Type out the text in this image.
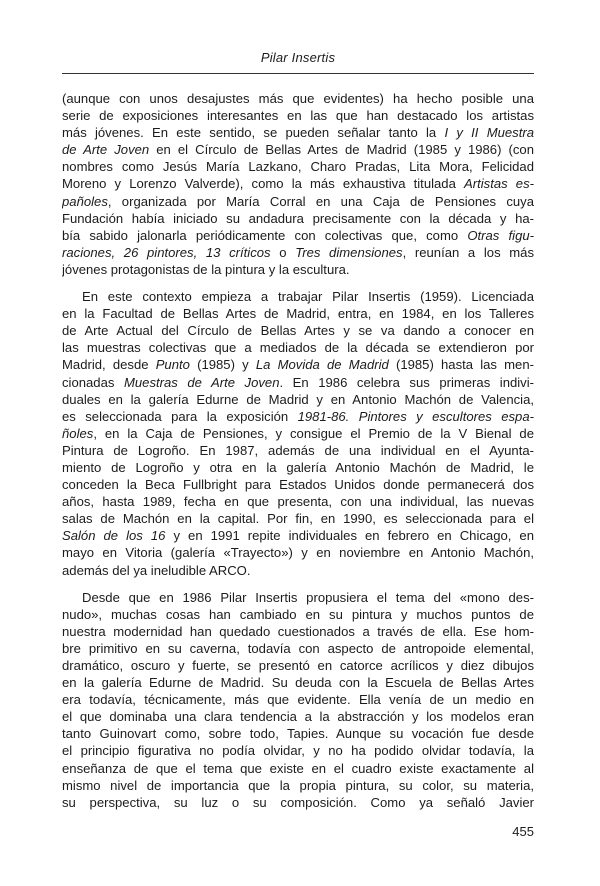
Pilar Insertis
(aunque con unos desajustes más que evidentes) ha hecho posible una
serie de exposiciones interesantes en las que han destacado los artistas
más jóvenes. En este sentido, se pueden señalar tanto la I y II Muestra
de Arte Joven en el Círculo de Bellas Artes de Madrid (1985 y 1986) (con
nombres como Jesús María Lazkano, Charo Pradas, Lita Mora, Felicidad
Moreno y Lorenzo Valverde), como la más exhaustiva titulada Artistas es-
pañoles, organizada por María Corral en una Caja de Pensiones cuya
Fundación había iniciado su andadura precisamente con la década y ha-
bía sabido jalonarla periódicamente con colectivas que, como Otras figu-
raciones, 26 pintores, 13 críticos o Tres dimensiones, reunían a los más
jóvenes protagonistas de la pintura y la escultura.
En este contexto empieza a trabajar Pilar Insertis (1959). Licenciada
en la Facultad de Bellas Artes de Madrid, entra, en 1984, en los Talleres
de Arte Actual del Círculo de Bellas Artes y se va dando a conocer en
las muestras colectivas que a mediados de la década se extendieron por
Madrid, desde Punto (1985) y La Movida de Madrid (1985) hasta las men-
cionadas Muestras de Arte Joven. En 1986 celebra sus primeras indivi-
duales en la galería Edurne de Madrid y en Antonio Machón de Valencia,
es seleccionada para la exposición 1981-86. Pintores y escultores espa-
ñoles, en la Caja de Pensiones, y consigue el Premio de la V Bienal de
Pintura de Logroño. En 1987, además de una individual en el Ayunta-
miento de Logroño y otra en la galería Antonio Machón de Madrid, le
conceden la Beca Fullbright para Estados Unidos donde permanecerá dos
años, hasta 1989, fecha en que presenta, con una individual, las nuevas
salas de Machón en la capital. Por fin, en 1990, es seleccionada para el
Salón de los 16 y en 1991 repite individuales en febrero en Chicago, en
mayo en Vitoria (galería «Trayecto») y en noviembre en Antonio Machón,
además del ya ineludible ARCO.
Desde que en 1986 Pilar Insertis propusiera el tema del «mono des-
nudo», muchas cosas han cambiado en su pintura y muchos puntos de
nuestra modernidad han quedado cuestionados a través de ella. Ese hom-
bre primitivo en su caverna, todavía con aspecto de antropoide elemental,
dramático, oscuro y fuerte, se presentó en catorce acrílicos y diez dibujos
en la galería Edurne de Madrid. Su deuda con la Escuela de Bellas Artes
era todavía, técnicamente, más que evidente. Ella venía de un medio en
el que dominaba una clara tendencia a la abstracción y los modelos eran
tanto Guinovart como, sobre todo, Tapies. Aunque su vocación fue desde
el principio figurativa no podía olvidar, y no ha podido olvidar todavía, la
enseñanza de que el tema que existe en el cuadro existe exactamente al
mismo nivel de importancia que la propia pintura, su color, su materia,
su perspectiva, su luz o su composición. Como ya señaló Javier
455
